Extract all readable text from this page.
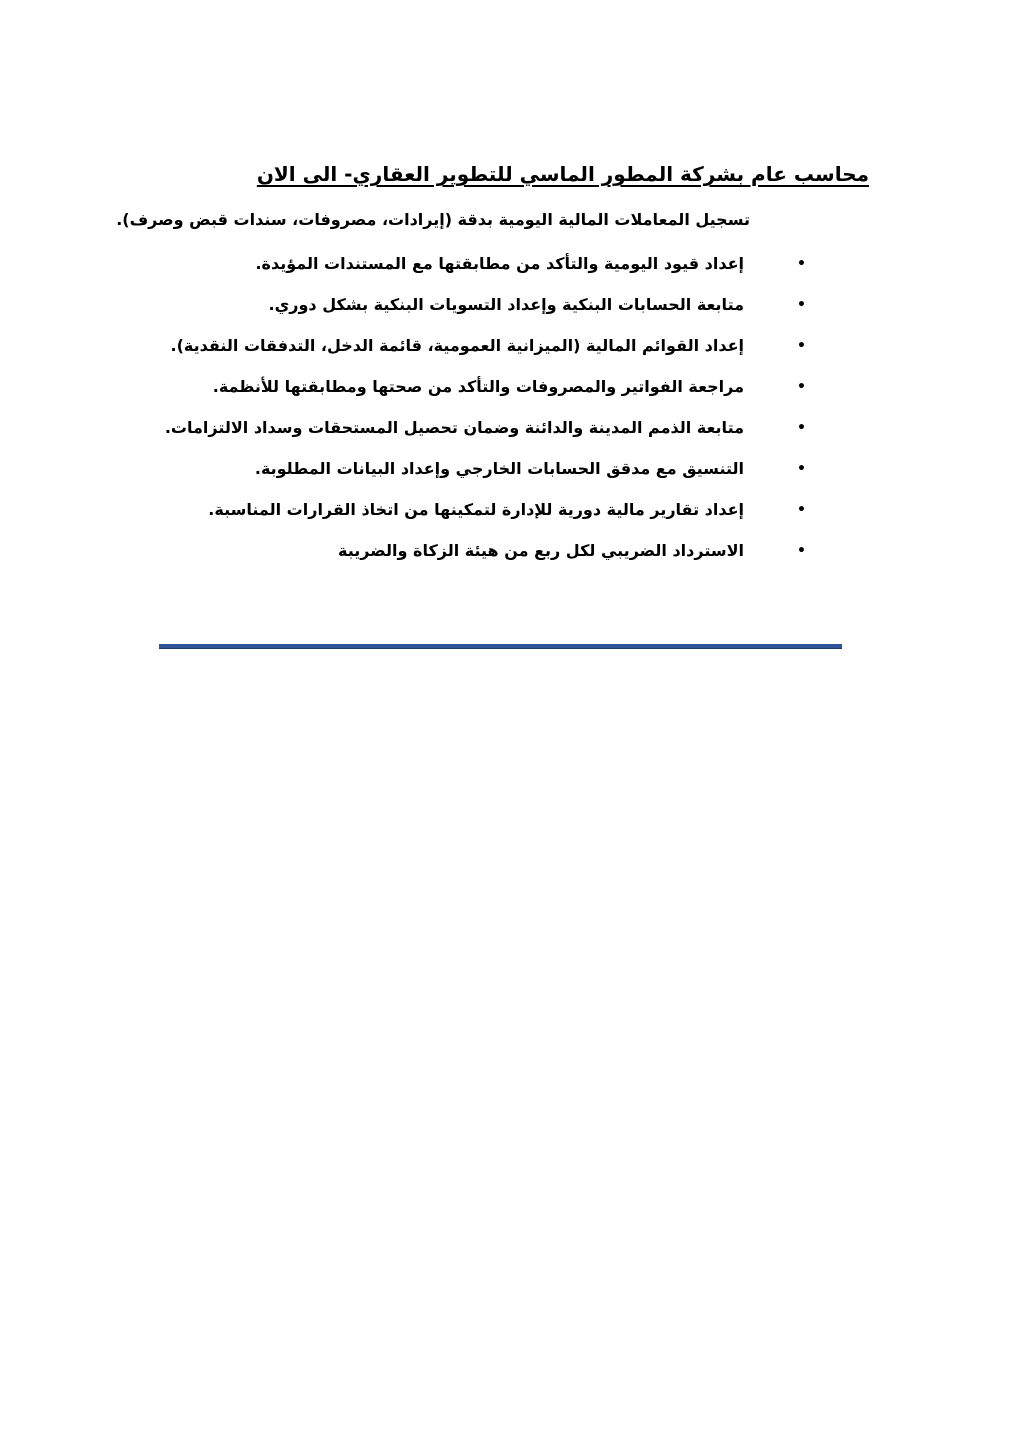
محاسب عام بشركة المطور الماسي للتطوير العقاري- الى الان
تسجيل المعاملات المالية اليومية بدقة (إيرادات، مصروفات، سندات قبض وصرف).
•
إعداد قيود اليومية والتأكد من مطابقتها مع المستندات المؤيدة.
•
متابعة الحسابات البنكية وإعداد التسويات البنكية بشكل دوري.
•
إعداد القوائم المالية (الميزانية العمومية، قائمة الدخل، التدفقات النقدية).
•
مراجعة الفواتير والمصروفات والتأكد من صحتها ومطابقتها للأنظمة.
•
متابعة الذمم المدينة والدائنة وضمان تحصيل المستحقات وسداد الالتزامات.
•
التنسيق مع مدقق الحسابات الخارجي وإعداد البيانات المطلوبة.
•
إعداد تقارير مالية دورية للإدارة لتمكينها من اتخاذ القرارات المناسبة.
•
الاسترداد الضريبي لكل ربع من هيئة الزكاة والضريبة
